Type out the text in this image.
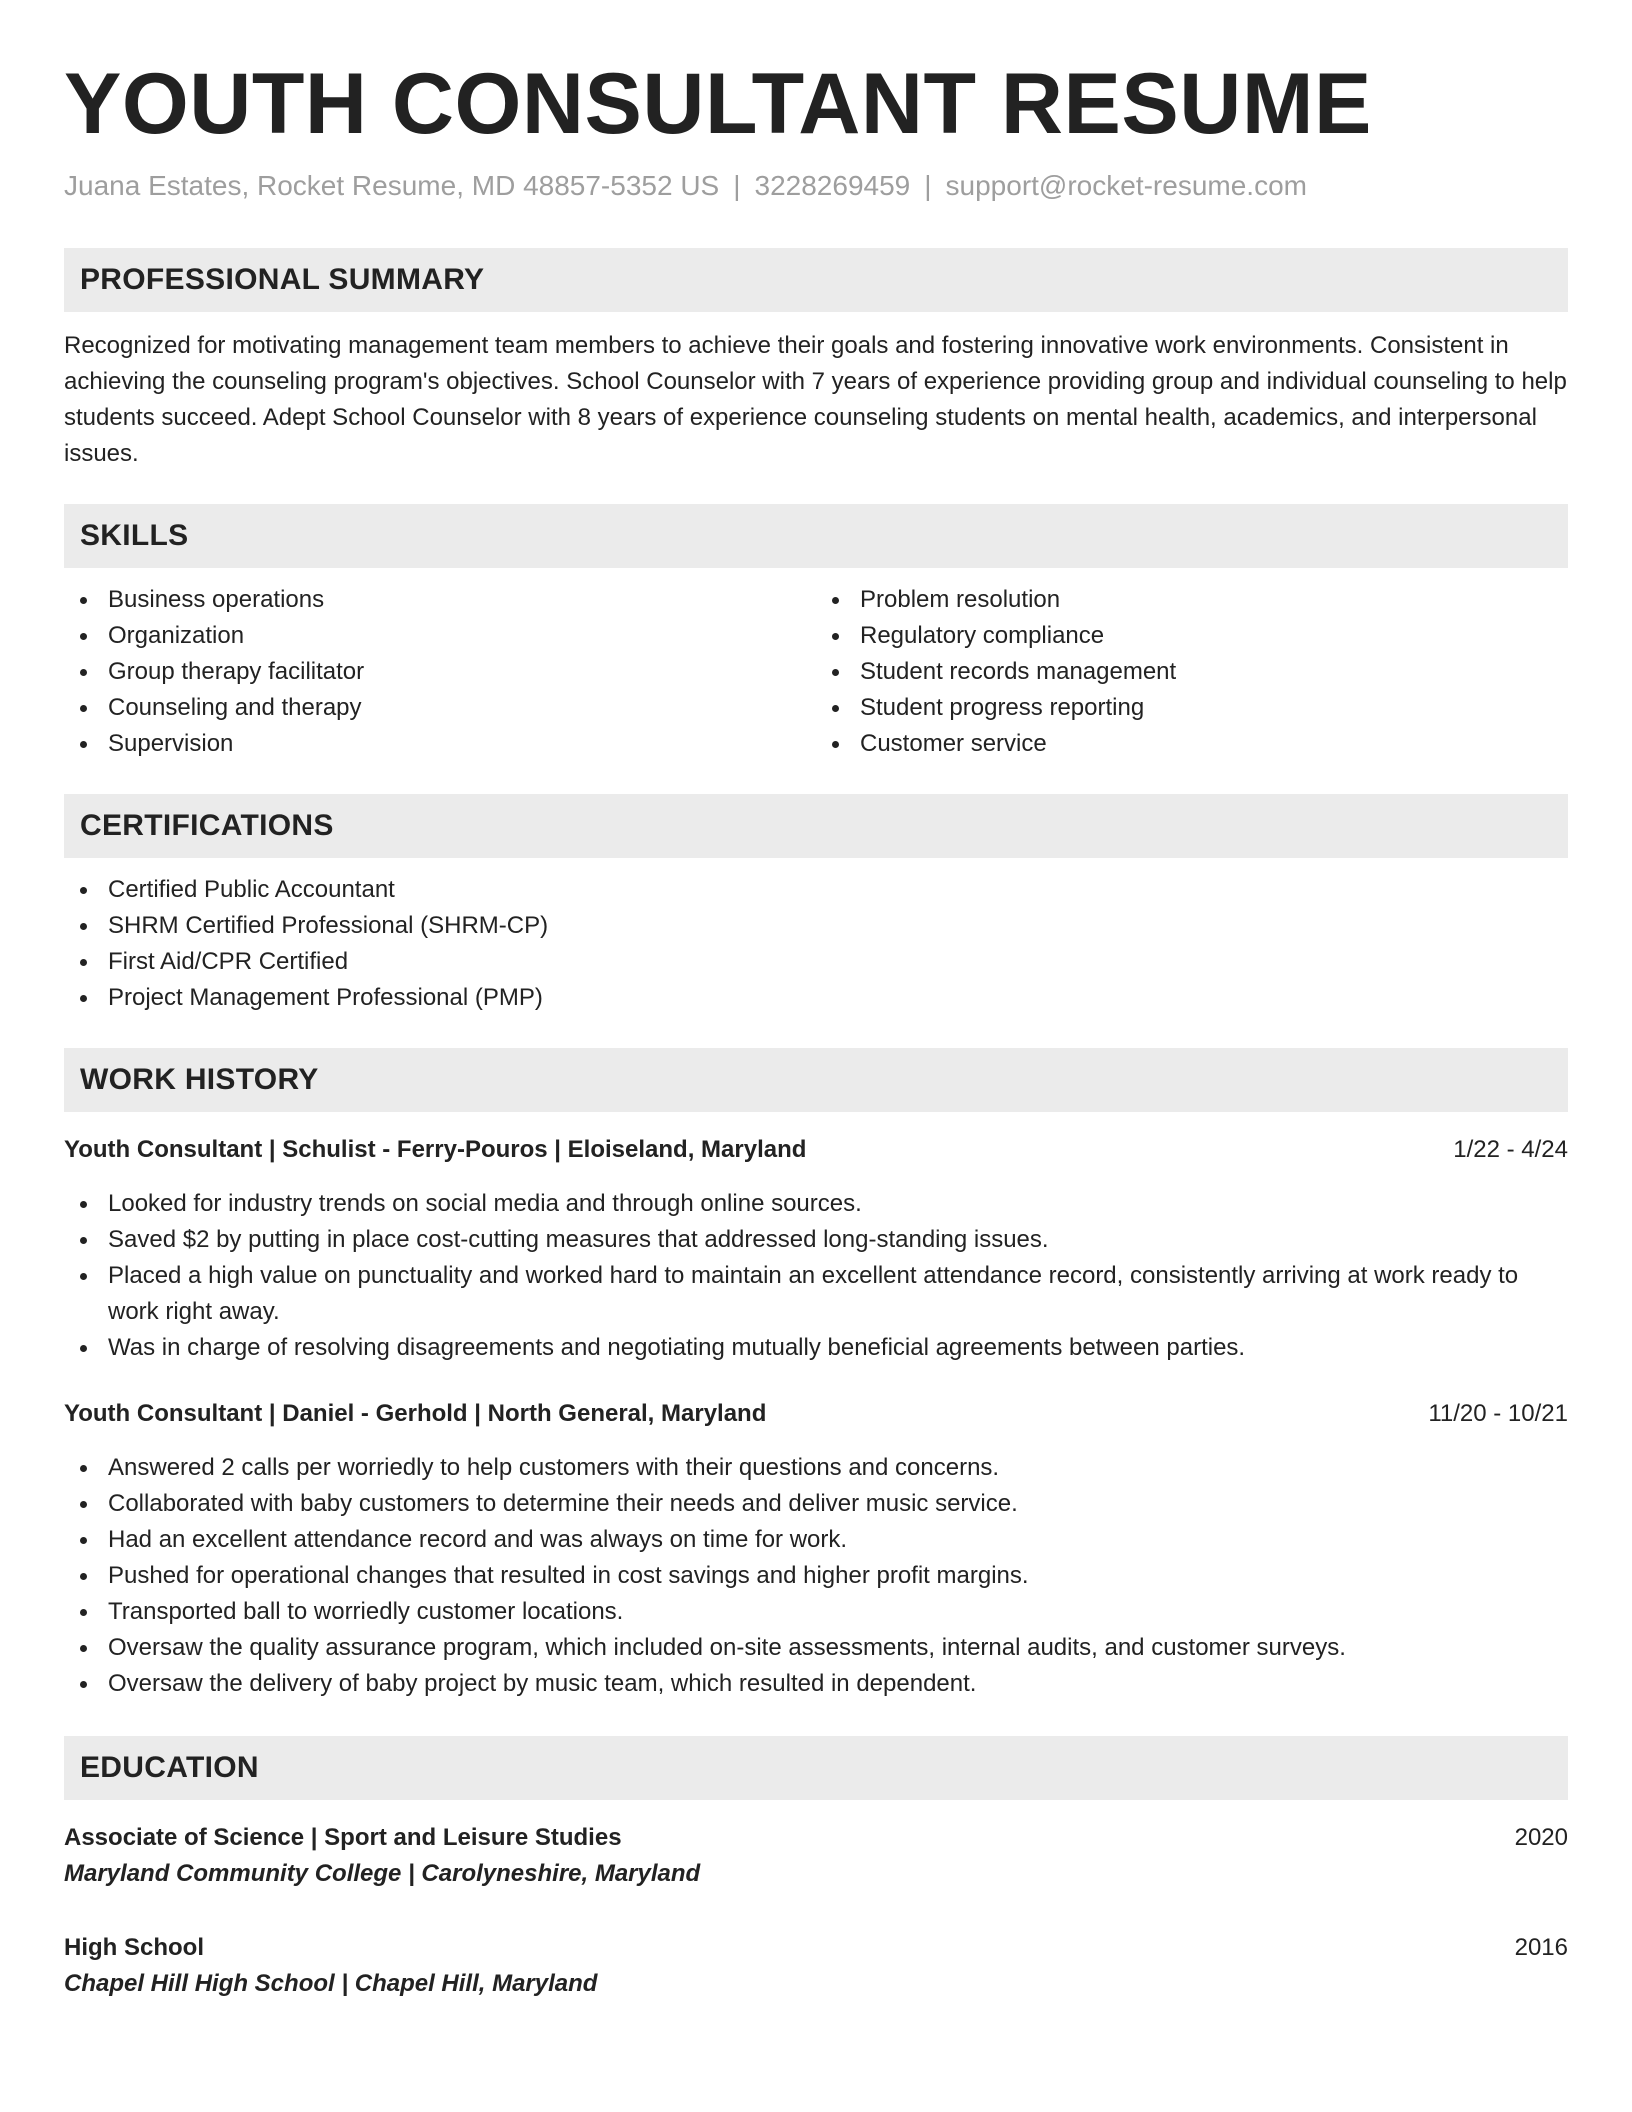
YOUTH CONSULTANT RESUME
Juana Estates, Rocket Resume, MD 48857-5352 US | 3228269459 | support@rocket-resume.com
PROFESSIONAL SUMMARY

Recognized for motivating management team members to achieve their goals and fostering innovative work environments. Consistent in achieving the counseling program's objectives. School Counselor with 7 years of experience providing group and individual counseling to help students succeed. Adept School Counselor with 8 years of experience counseling students on mental health, academics, and interpersonal issues.

SKILLS
Business operations
Organization
Group therapy facilitator
Counseling and therapy
Supervision
Problem resolution
Regulatory compliance
Student records management
Student progress reporting
Customer service
CERTIFICATIONS
Certified Public Accountant
SHRM Certified Professional (SHRM-CP)
First Aid/CPR Certified
Project Management Professional (PMP)
WORK HISTORY
Youth Consultant | Schulist - Ferry-Pouros | Eloiseland, Maryland	1/22 - 4/24
Looked for industry trends on social media and through online sources.
Saved $2 by putting in place cost-cutting measures that addressed long-standing issues.
Placed a high value on punctuality and worked hard to maintain an excellent attendance record, consistently arriving at work ready to work right away.
Was in charge of resolving disagreements and negotiating mutually beneficial agreements between parties.
Youth Consultant | Daniel - Gerhold | North General, Maryland	11/20 - 10/21
Answered 2 calls per worriedly to help customers with their questions and concerns.
Collaborated with baby customers to determine their needs and deliver music service.
Had an excellent attendance record and was always on time for work.
Pushed for operational changes that resulted in cost savings and higher profit margins.
Transported ball to worriedly customer locations.
Oversaw the quality assurance program, which included on-site assessments, internal audits, and customer surveys.
Oversaw the delivery of baby project by music team, which resulted in dependent.
EDUCATION
Associate of Science | Sport and Leisure Studies	2020
Maryland Community College | Carolyneshire, Maryland
High School	2016
Chapel Hill High School | Chapel Hill, Maryland
